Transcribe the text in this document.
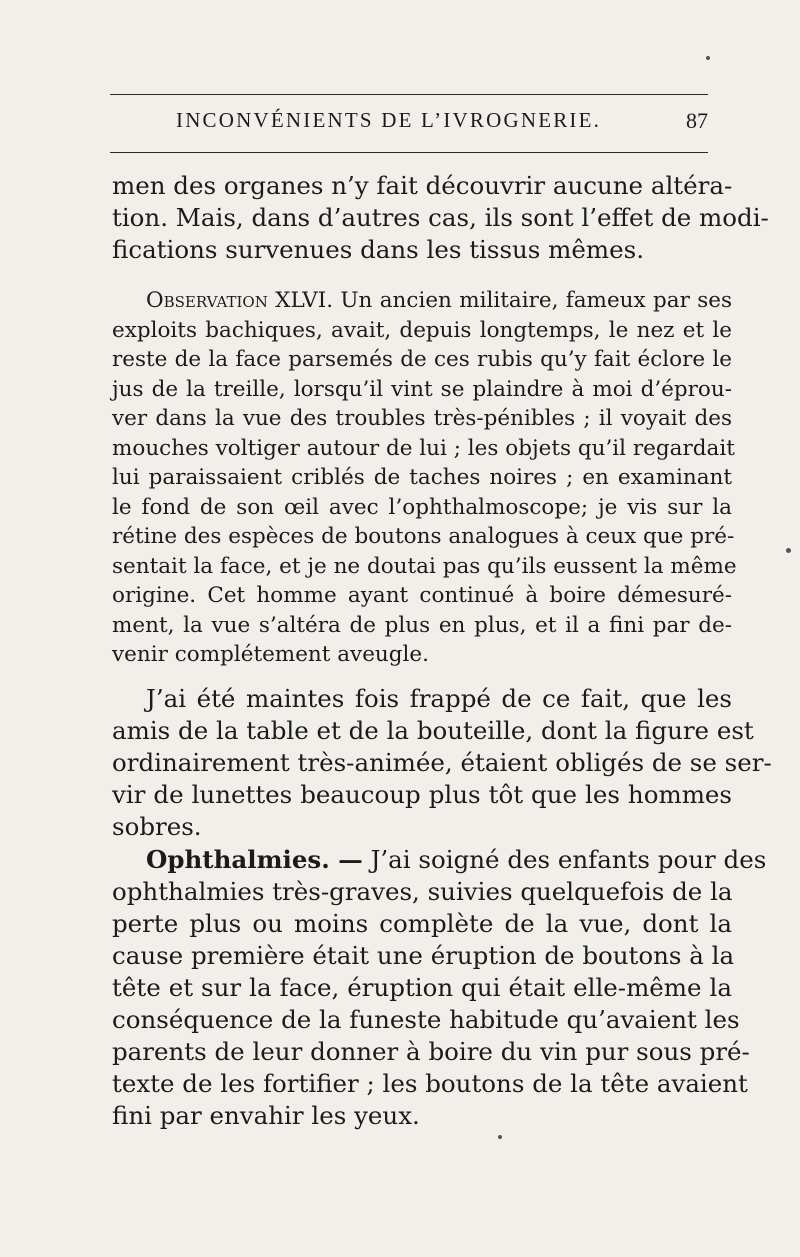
INCONVÉNIENTS DE L’IVROGNERIE.	87
men des organes n’y fait découvrir aucune altéra-
tion. Mais, dans d’autres cas, ils sont l’effet de modi-
fications survenues dans les tissus mêmes.
Observation XLVI. Un ancien militaire, fameux par ses
exploits bachiques, avait, depuis longtemps, le nez et le
reste de la face parsemés de ces rubis qu’y fait éclore le
jus de la treille, lorsqu’il vint se plaindre à moi d’éprou-
ver dans la vue des troubles très-pénibles ; il voyait des
mouches voltiger autour de lui ; les objets qu’il regardait
lui paraissaient criblés de taches noires ; en examinant
le fond de son œil avec l’ophthalmoscope; je vis sur la
rétine des espèces de boutons analogues à ceux que pré-
sentait la face, et je ne doutai pas qu’ils eussent la même
origine. Cet homme ayant continué à boire démesuré-
ment, la vue s’altéra de plus en plus, et il a fini par de-
venir complétement aveugle.
J’ai été maintes fois frappé de ce fait, que les
amis de la table et de la bouteille, dont la figure est
ordinairement très-animée, étaient obligés de se ser-
vir de lunettes beaucoup plus tôt que les hommes
sobres.
Ophthalmies. — J’ai soigné des enfants pour des
ophthalmies très-graves, suivies quelquefois de la
perte plus ou moins complète de la vue, dont la
cause première était une éruption de boutons à la
tête et sur la face, éruption qui était elle-même la
conséquence de la funeste habitude qu’avaient les
parents de leur donner à boire du vin pur sous pré-
texte de les fortifier ; les boutons de la tête avaient
fini par envahir les yeux.
